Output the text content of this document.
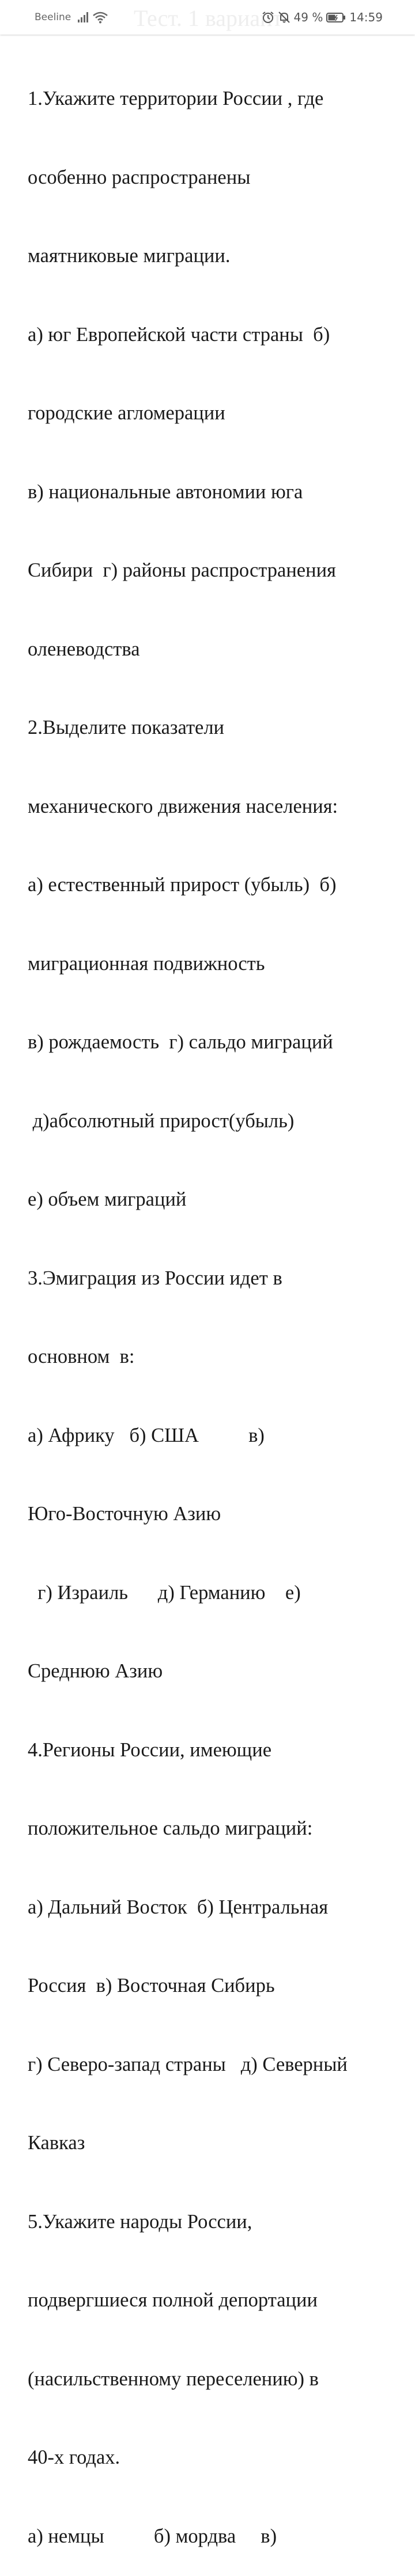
Тест. 1 вариант
Beeline	49 % 14:59

1.Укажите территории России , где

особенно распространены

маятниковые миграции.

а) юг Европейской части страны  б)

городские агломерации

в) национальные автономии юга

Сибири  г) районы распространения

оленеводства

2.Выделите показатели

механического движения населения:

а) естественный прирост (убыль)  б)

миграционная подвижность

в) рождаемость  г) сальдо миграций

д)абсолютный прирост(убыль)

е) объем миграций

3.Эмиграция из России идет в

основном  в:

а) Африку   б) США          в)

Юго-Восточную Азию

г) Израиль      д) Германию    е)

Среднюю Азию

4.Регионы России, имеющие

положительное сальдо миграций:

а) Дальний Восток  б) Центральная

Россия  в) Восточная Сибирь

г) Северо-запад страны   д) Северный

Кавказ

5.Укажите народы России,

подвергшиеся полной депортации

(насильственному переселению) в

40-х годах.

а) немцы          б) мордва     в)
